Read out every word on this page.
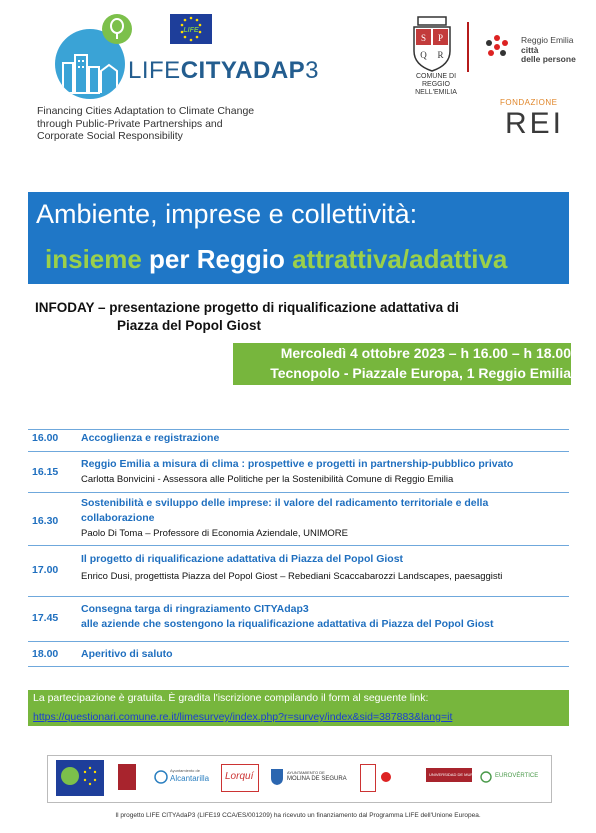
LIFE
LIFECITYADAP3
Financing Cities Adaptation to Climate Change
through Public-Private Partnerships and
Corporate Social Responsibility
S P
Q R
COMUNE DI
REGGIO NELL'EMILIA
Reggio Emilia
città
delle persone
FONDAZIONE
REI
Ambiente, imprese e collettività:
insieme per Reggio attrattiva/adattiva
INFODAY – presentazione progetto di riqualificazione adattativa di
Piazza del Popol Giost
Mercoledì 4 ottobre 2023 – h 16.00 – h 18.00
Tecnopolo - Piazzale Europa, 1 Reggio Emilia
16.00 Accoglienza e registrazione
16.15
Reggio Emilia a misura di clima : prospettive e progetti in partnership-pubblico privato
Carlotta Bonvicini - Assessora alle Politiche per la Sostenibilità Comune di Reggio Emilia
16.30
Sostenibilità e sviluppo delle imprese: il valore del radicamento territoriale e della
collaborazione
Paolo Di Toma – Professore di Economia Aziendale, UNIMORE
17.00
Il progetto di riqualificazione adattativa di Piazza del Popol Giost
Enrico Dusi, progettista Piazza del Popol Giost – Rebediani Scaccabarozzi Landscapes, paesaggisti
17.45
Consegna targa di ringraziamento CITYAdap3
alle aziende che sostengono la riqualificazione adattativa di Piazza del Popol Giost
18.00 Aperitivo di saluto
La partecipazione è gratuita. È gradita l'iscrizione compilando il form al seguente link:
https://questionari.comune.re.it/limesurvey/index.php?r=survey/index&sid=387883&lang=it
Ayuntamiento de
Alcantarilla Lorquí	AYUNTAMIENTO DE
MOLINA DE SEGURA
UNIVERSIDAD DE MURCIA	EUROVÉRTICE
Il progetto LIFE CITYAdaP3 (LIFE19 CCA/ES/001209) ha ricevuto un finanziamento dal Programma LIFE dell'Unione Europea.
